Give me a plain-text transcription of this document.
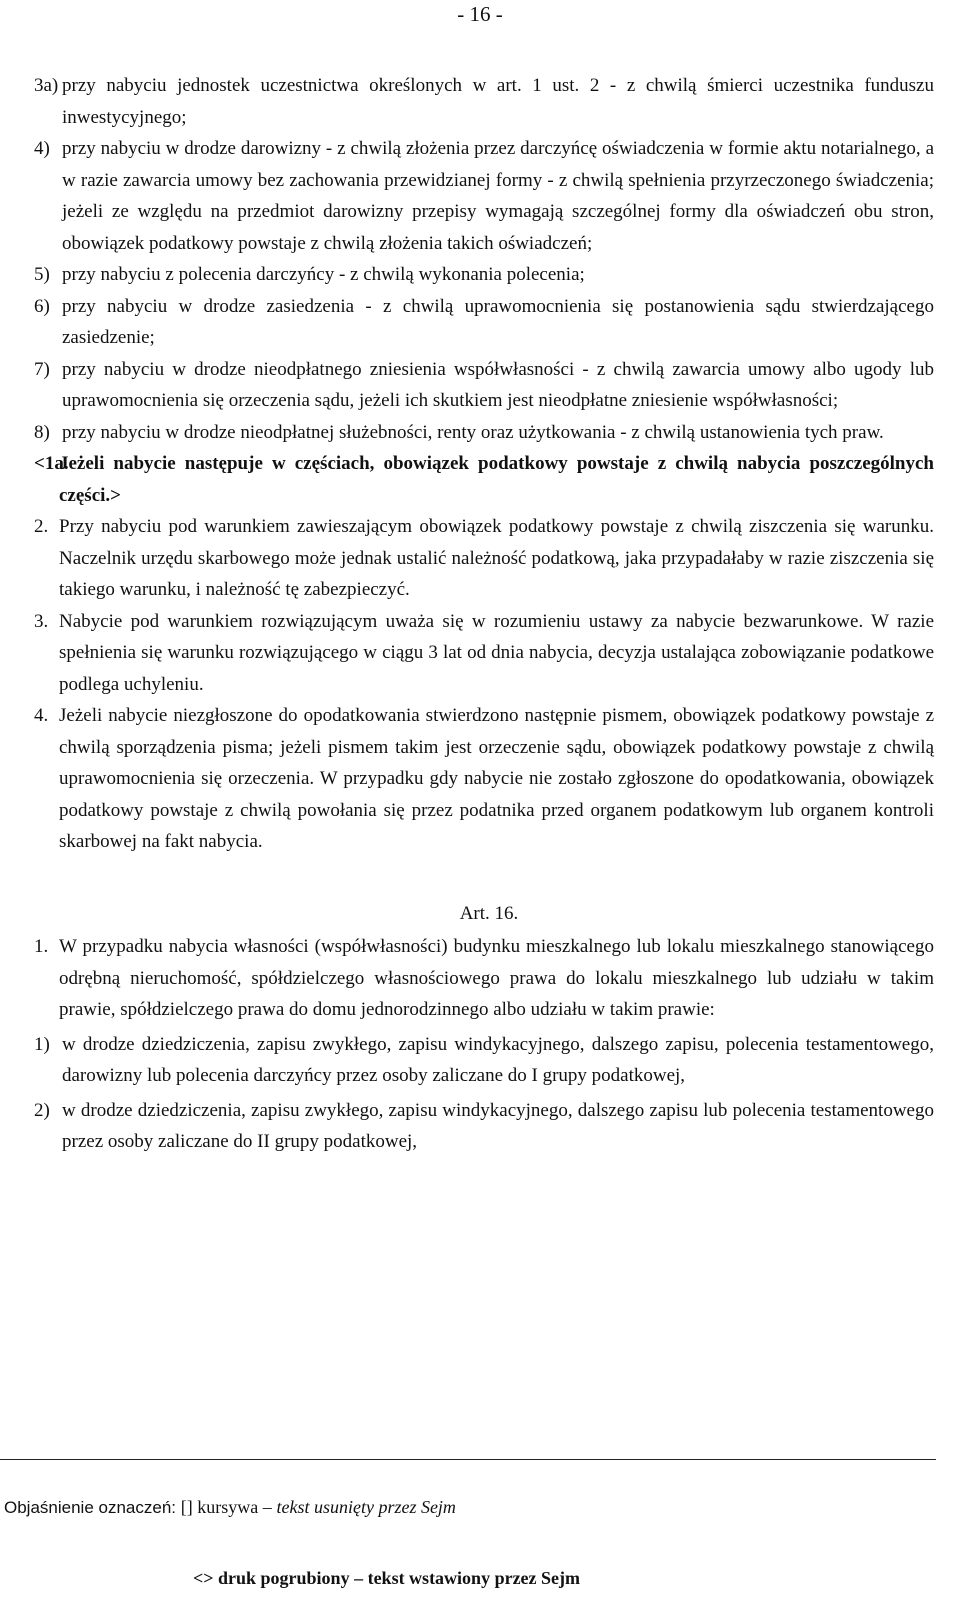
- 16 -
3a) przy nabyciu jednostek uczestnictwa określonych w art. 1 ust. 2 - z chwilą śmierci uczestnika funduszu inwestycyjnego;
4) przy nabyciu w drodze darowizny - z chwilą złożenia przez darczyńcę oświadczenia w formie aktu notarialnego, a w razie zawarcia umowy bez zachowania przewidzianej formy - z chwilą spełnienia przyrzeczonego świadczenia; jeżeli ze względu na przedmiot darowizny przepisy wymagają szczególnej formy dla oświadczeń obu stron, obowiązek podatkowy powstaje z chwilą złożenia takich oświadczeń;
5) przy nabyciu z polecenia darczyńcy - z chwilą wykonania polecenia;
6) przy nabyciu w drodze zasiedzenia - z chwilą uprawomocnienia się postanowienia sądu stwierdzającego zasiedzenie;
7) przy nabyciu w drodze nieodpłatnego zniesienia współwłasności - z chwilą zawarcia umowy albo ugody lub uprawomocnienia się orzeczenia sądu, jeżeli ich skutkiem jest nieodpłatne zniesienie współwłasności;
8) przy nabyciu w drodze nieodpłatnej służebności, renty oraz użytkowania - z chwilą ustanowienia tych praw.
<1a.
Jeżeli nabycie następuje w częściach, obowiązek podatkowy powstaje z chwilą nabycia poszczególnych części.>
2. Przy nabyciu pod warunkiem zawieszającym obowiązek podatkowy powstaje z chwilą ziszczenia się warunku. Naczelnik urzędu skarbowego może jednak ustalić należność podatkową, jaka przypadałaby w razie ziszczenia się takiego warunku, i należność tę zabezpieczyć.
3. Nabycie pod warunkiem rozwiązującym uważa się w rozumieniu ustawy za nabycie bezwarunkowe. W razie spełnienia się warunku rozwiązującego w ciągu 3 lat od dnia nabycia, decyzja ustalająca zobowiązanie podatkowe podlega uchyleniu.
4. Jeżeli nabycie niezgłoszone do opodatkowania stwierdzono następnie pismem, obowiązek podatkowy powstaje z chwilą sporządzenia pisma; jeżeli pismem takim jest orzeczenie sądu, obowiązek podatkowy powstaje z chwilą uprawomocnienia się orzeczenia. W przypadku gdy nabycie nie zostało zgłoszone do opodatkowania, obowiązek podatkowy powstaje z chwilą powołania się przez podatnika przed organem podatkowym lub organem kontroli skarbowej na fakt nabycia.
Art. 16.
1. W przypadku nabycia własności (współwłasności) budynku mieszkalnego lub lokalu mieszkalnego stanowiącego odrębną nieruchomość, spółdzielczego własnościowego prawa do lokalu mieszkalnego lub udziału w takim prawie, spółdzielczego prawa do domu jednorodzinnego albo udziału w takim prawie:
1) w drodze dziedziczenia, zapisu zwykłego, zapisu windykacyjnego, dalszego zapisu, polecenia testamentowego, darowizny lub polecenia darczyńcy przez osoby zaliczane do I grupy podatkowej,
2) w drodze dziedziczenia, zapisu zwykłego, zapisu windykacyjnego, dalszego zapisu lub polecenia testamentowego przez osoby zaliczane do II grupy podatkowej,
Objaśnienie oznaczeń: [] kursywa – tekst usunięty przez Sejm
<> druk pogrubiony – tekst wstawiony przez Sejm
